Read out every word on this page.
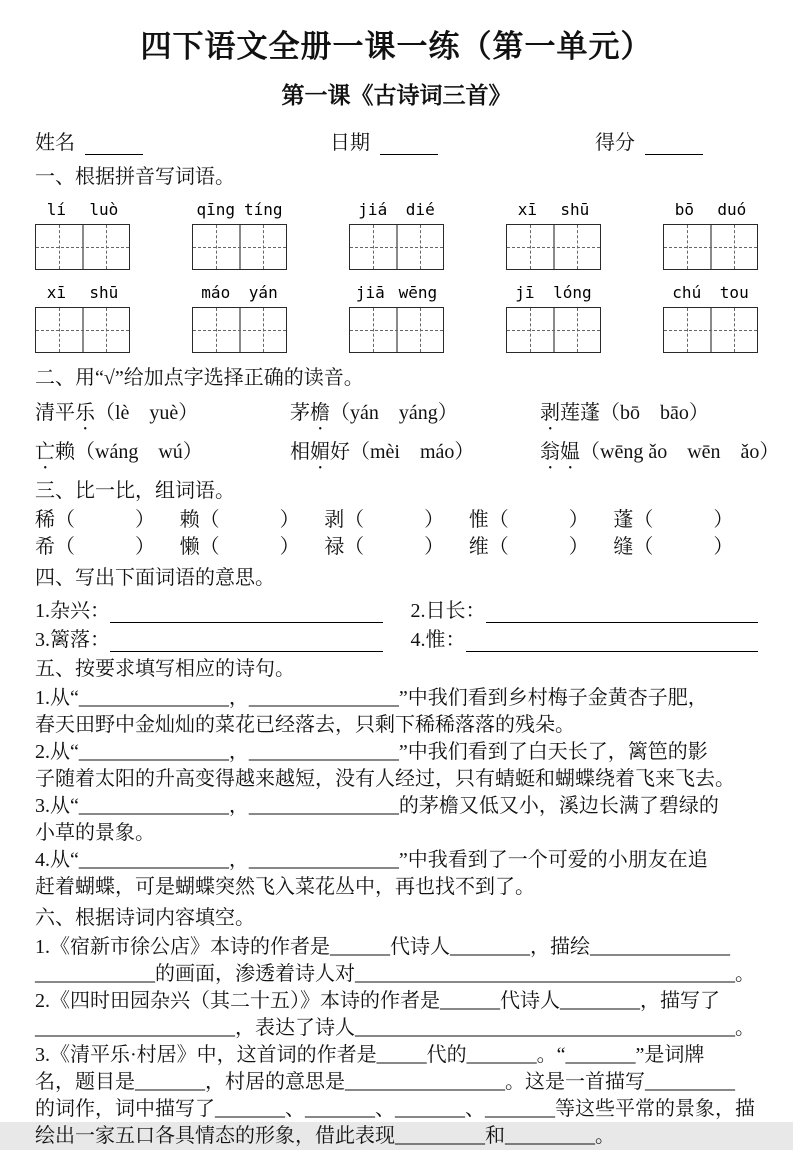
四下语文全册一课一练（第一单元）
第一课《古诗词三首》
姓名	日期	得分
一、根据拼音写词语。
lí luò	qīng tíng	jiá dié	xī shū	bō duó
xī shū	máo yán	jiā wēng	jī lóng	chú tou
二、用“√”给加点字选择正确的读音。
清平乐（lè　yuè）	茅檐（yán　yáng）	剥莲蓬（bō　bāo）
亡赖（wáng　wú）	相媚好（mèi　máo）	翁媪（wēng ǎo　wēn　ǎo）
三、比一比，组词语。
稀（　　　）	赖（　　　）	剥（　　　）	惟（　　　）	蓬（　　　）
希（　　　）	懒（　　　）	禄（　　　）	维（　　　）	缝（　　　）
四、写出下面词语的意思。
1.杂兴：	2.日长：
3.篱落：	4.惟：
五、按要求填写相应的诗句。
1.从“_______________，_______________”中我们看到乡村梅子金黄杏子肥，
春天田野中金灿灿的菜花已经落去，只剩下稀稀落落的残朵。
2.从“_______________，_______________”中我们看到了白天长了，篱笆的影
子随着太阳的升高变得越来越短，没有人经过，只有蜻蜓和蝴蝶绕着飞来飞去。
3.从“_______________，_______________的茅檐又低又小，溪边长满了碧绿的
小草的景象。
4.从“_______________，_______________”中我看到了一个可爱的小朋友在追
赶着蝴蝶，可是蝴蝶突然飞入菜花丛中，再也找不到了。
六、根据诗词内容填空。
1.《宿新市徐公店》本诗的作者是______代诗人________，描绘______________
____________的画面，渗透着诗人对______________________________________。
2.《四时田园杂兴（其二十五）》本诗的作者是______代诗人________，描写了
____________________，表达了诗人______________________________________。
3.《清平乐·村居》中，这首词的作者是_____代的_______。“_______”是词牌
名，题目是_______，村居的意思是________________。这是一首描写_________
的词作，词中描写了_______、_______、_______、_______等这些平常的景象，描
绘出一家五口各具情态的形象，借此表现_________和_________。
